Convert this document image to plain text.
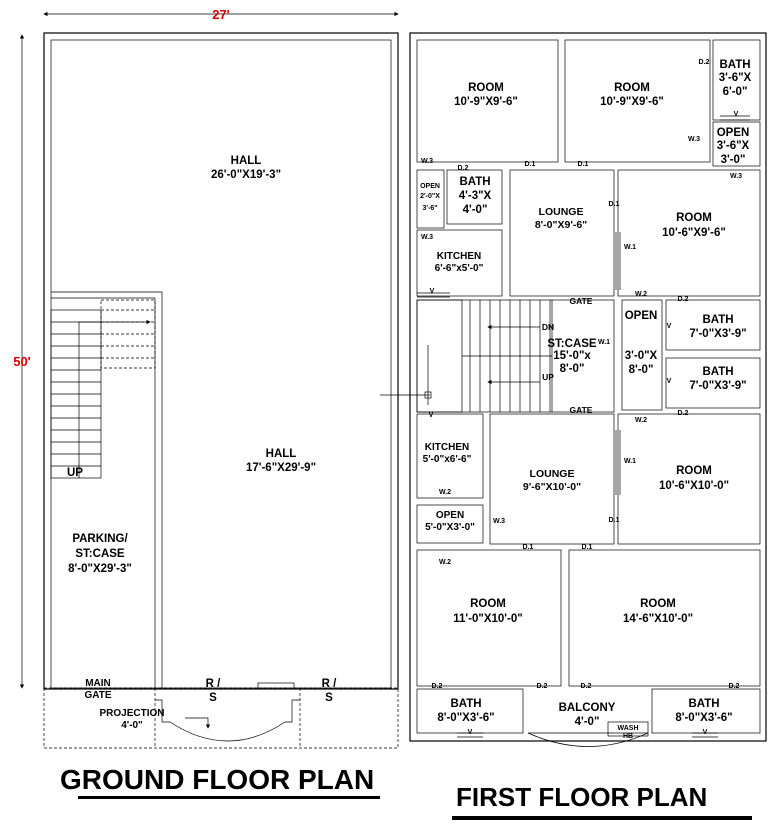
27'
50'
HALL 26'-0"X19'-3"
HALL 17'-6"X29'-9"
PARKING/ ST:CASE 8'-0"X29'-3"
UP
MAIN GATE
R / S
R / S
PROJECTION 4'-0"
ROOM 10'-9"X9'-6"
ROOM 10'-9"X9'-6"
BATH 3'-6"X 6'-0"
OPEN 3'-6"X 3'-0"
OPEN 2'-0"X 3'-6"
BATH 4'-3"X 4'-0"	LOUNGE 8'-0"X9'-6"
ROOM 10'-6"X9'-6"
KITCHEN 6'-6"x5'-0"
BATH 7'-0"X3'-9"
OPEN 3'-0"X 8'-0"	BATH 7'-0"X3'-9"
ST:CASE 15'-0"x 8'-0"
DN
UP
GATE
GATE
KITCHEN 5'-0"x6'-6"
LOUNGE 9'-6"X10'-0"
ROOM 10'-6"X10'-0"
OPEN 5'-0"X3'-0"
ROOM 11'-0"X10'-0"
ROOM 14'-6"X10'-0"
BATH 8'-0"X3'-6"
BALCONY 4'-0"
BATH 8'-0"X3'-6"
WASH HB
D.2
V
W.3
W.3
D.2
D.1	D.1
W.3
D.1
W.3
W.1
V	W.2
D.2
W.1
V
V
V
W.2
D.2
W.1
W.2
W.3	D.1
D.1	D.1
W.2
D.2	D.2	D.2	D.2
V	V
GROUND FLOOR PLAN
FIRST FLOOR PLAN
